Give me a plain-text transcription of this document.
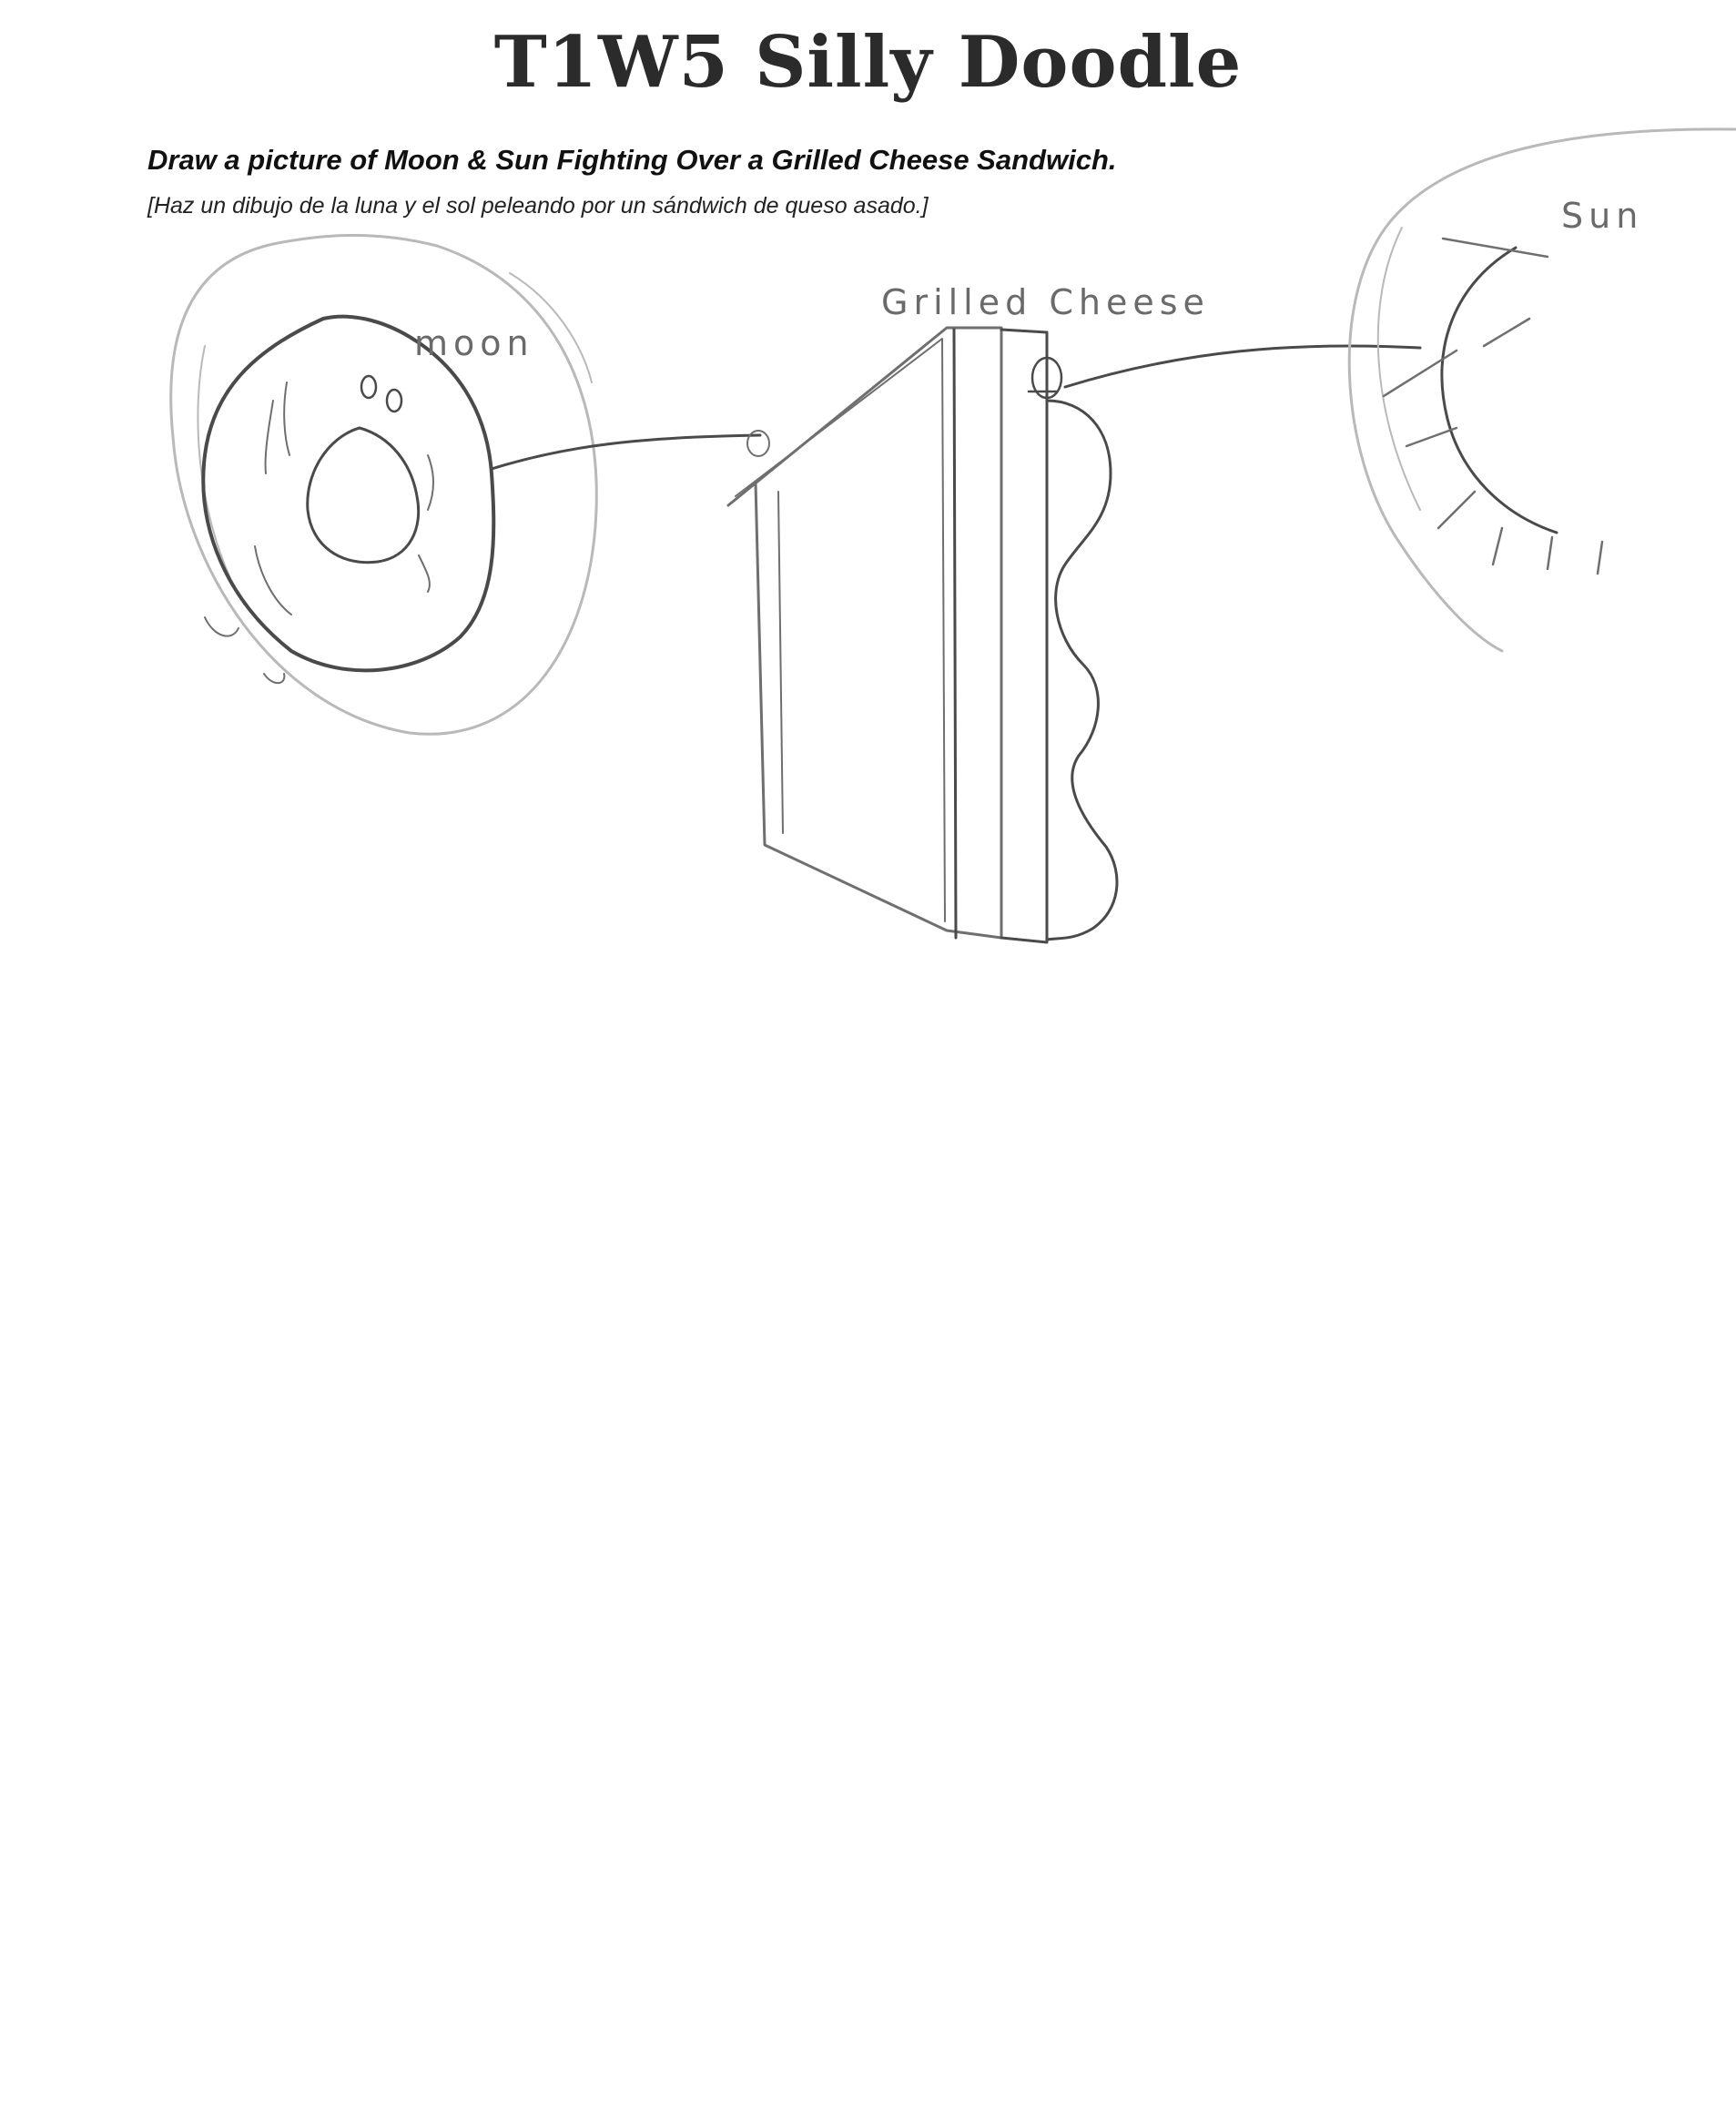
T1W5 Silly Doodle
Draw a picture of Moon & Sun Fighting Over a Grilled Cheese Sandwich.
[Haz un dibujo de la luna y el sol peleando por un sándwich de queso asado.]
moon
Grilled Cheese
Sun
